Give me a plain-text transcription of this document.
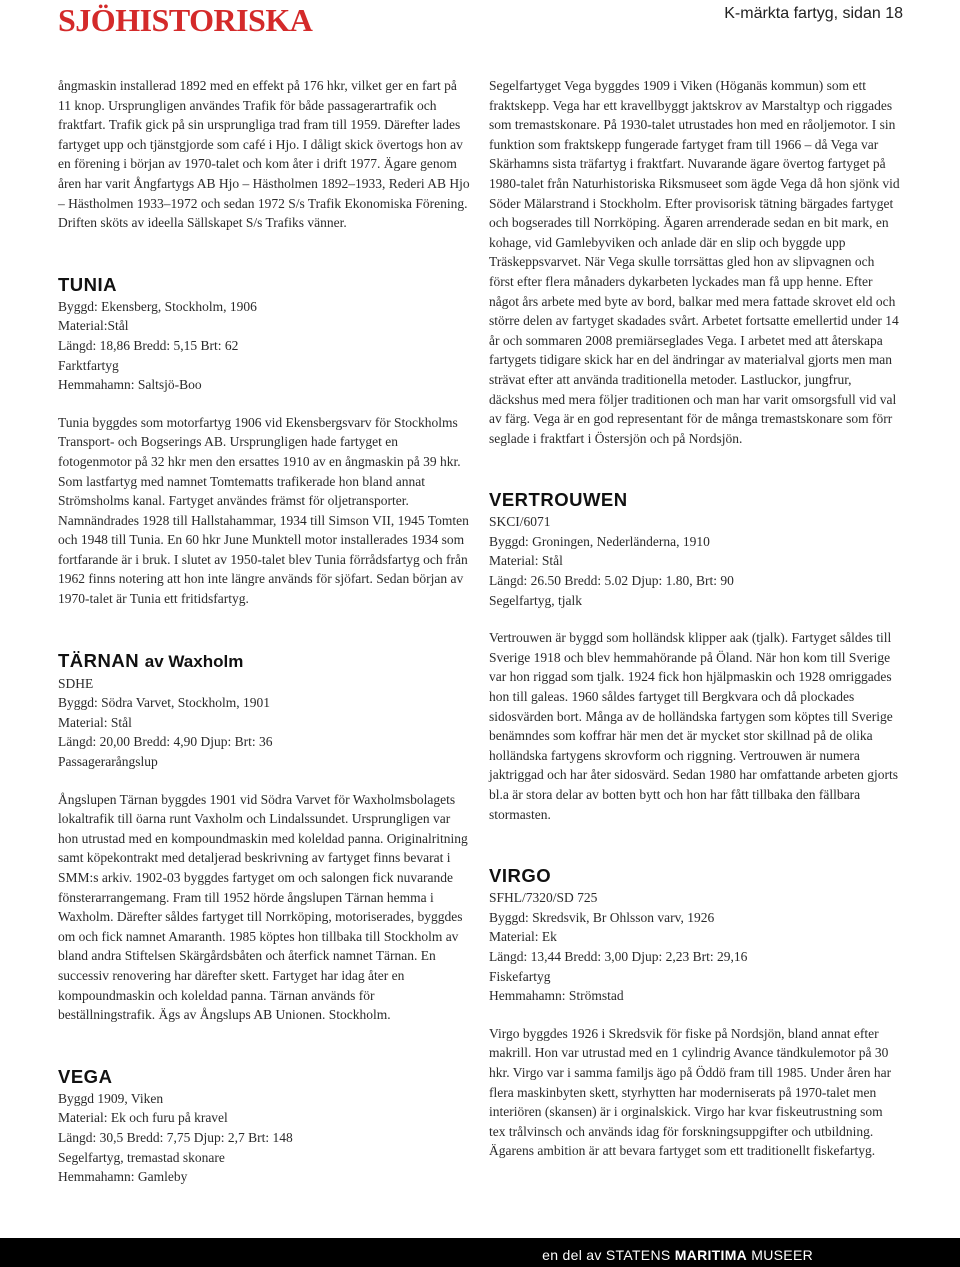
SJÖHISTORISKA	K-märkta fartyg, sidan 18

ångmaskin installerad 1892 med en effekt på 176 hkr, vilket ger en fart på 11 knop. Ursprungligen användes Trafik för både passagerartrafik och fraktfart. Trafik gick på sin ursprungliga trad fram till 1959. Därefter lades fartyget upp och tjänstgjorde som café i Hjo. I dåligt skick övertogs hon av en förening i början av 1970-talet och kom åter i drift 1977. Ägare genom åren har varit Ångfartygs AB Hjo – Hästholmen 1892–1933, Rederi AB Hjo – Hästholmen 1933–1972 och sedan 1972 S/s Trafik Ekonomiska Förening. Driften sköts av ideella Sällskapet S/s Trafiks vänner.

TUNIA
Byggd: Ekensberg, Stockholm, 1906
Material:Stål
Längd: 18,86 Bredd: 5,15 Brt: 62
Farktfartyg
Hemmahamn: Saltsjö-Boo

Tunia byggdes som motorfartyg 1906 vid Ekensbergsvarv för Stockholms Transport- och Bogserings AB. Ursprungligen hade fartyget en fotogenmotor på 32 hkr men den ersattes 1910 av en ångmaskin på 39 hkr. Som lastfartyg med namnet Tomtematts trafikerade hon bland annat Strömsholms kanal. Fartyget användes främst för oljetransporter. Namnändrades 1928 till Hallstahammar, 1934 till Simson VII, 1945 Tomten och 1948 till Tunia. En 60 hkr June Munktell motor installerades 1934 som fortfarande är i bruk. I slutet av 1950-talet blev Tunia förrådsfartyg och från 1962 finns notering att hon inte längre används för sjöfart. Sedan början av 1970-talet är Tunia ett fritidsfartyg.

TÄRNAN av Waxholm
SDHE
Byggd: Södra Varvet, Stockholm, 1901
Material: Stål
Längd: 20,00 Bredd: 4,90 Djup: Brt: 36
Passagerarångslup

Ångslupen Tärnan byggdes 1901 vid Södra Varvet för Waxholmsbolagets lokaltrafik till öarna runt Vaxholm och Lindalssundet. Ursprungligen var hon utrustad med en kompoundmaskin med koleldad panna. Originalritning samt köpekontrakt med detaljerad beskrivning av fartyget finns bevarat i SMM:s arkiv. 1902-03 byggdes fartyget om och salongen fick nuvarande fönsterarrangemang. Fram till 1952 hörde ångslupen Tärnan hemma i Waxholm. Därefter såldes fartyget till Norrköping, motoriserades, byggdes om och fick namnet Amaranth. 1985 köptes hon tillbaka till Stockholm av bland andra Stiftelsen Skärgårdsbåten och återfick namnet Tärnan. En successiv renovering har därefter skett. Fartyget har idag åter en kompoundmaskin och koleldad panna. Tärnan används för beställningstrafik. Ägs av Ångslups AB Unionen. Stockholm.

VEGA
Byggd 1909, Viken
Material: Ek och furu på kravel
Längd: 30,5 Bredd: 7,75 Djup: 2,7 Brt: 148
Segelfartyg, tremastad skonare
Hemmahamn: Gamleby

Segelfartyget Vega byggdes 1909 i Viken (Höganäs kommun) som ett fraktskepp. Vega har ett kravellbyggt jaktskrov av Marstaltyp och riggades som tremastskonare. På 1930-talet utrustades hon med en råoljemotor. I sin funktion som fraktskepp fungerade fartyget fram till 1966 – då Vega var Skärhamns sista träfartyg i fraktfart. Nuvarande ägare övertog fartyget på 1980-talet från Naturhistoriska Riksmuseet som ägde Vega då hon sjönk vid Söder Mälarstrand i Stockholm. Efter provisorisk tätning bärgades fartyget och bogserades till Norrköping. Ägaren arrenderade sedan en bit mark, en kohage, vid Gamlebyviken och anlade där en slip och byggde upp Träskeppsvarvet. När Vega skulle torrsättas gled hon av slipvagnen och först efter flera månaders dykarbeten lyckades man få upp henne. Efter något års arbete med byte av bord, balkar med mera fattade skrovet eld och större delen av fartyget skadades svårt. Arbetet fortsatte emellertid under 14 år och sommaren 2008 premiärseglades Vega. I arbetet med att återskapa fartygets tidigare skick har en del ändringar av materialval gjorts men man strävat efter att använda traditionella metoder. Lastluckor, jungfrur, däckshus med mera följer traditionen och man har varit omsorgsfull vid val av färg. Vega är en god representant för de många tremastskonare som förr seglade i fraktfart i Östersjön och på Nordsjön.

VERTROUWEN
SKCI/6071
Byggd: Groningen, Nederländerna, 1910
Material: Stål
Längd: 26.50 Bredd: 5.02 Djup: 1.80, Brt: 90
Segelfartyg, tjalk

Vertrouwen är byggd som holländsk klipper aak (tjalk). Fartyget såldes till Sverige 1918 och blev hemmahörande på Öland. När hon kom till Sverige var hon riggad som tjalk. 1924 fick hon hjälpmaskin och 1928 omriggades hon till galeas. 1960 såldes fartyget till Bergkvara och då plockades sidosvärden bort. Många av de holländska fartygen som köptes till Sverige benämndes som koffrar här men det är mycket stor skillnad på de olika holländska fartygens skrovform och riggning. Vertrouwen är numera jaktriggad och har åter sidosvärd. Sedan 1980 har omfattande arbeten gjorts bl.a är stora delar av botten bytt och hon har fått tillbaka den fällbara stormasten.

VIRGO
SFHL/7320/SD 725
Byggd: Skredsvik, Br Ohlsson varv, 1926
Material: Ek
Längd: 13,44 Bredd: 3,00 Djup: 2,23 Brt: 29,16
Fiskefartyg
Hemmahamn: Strömstad

Virgo byggdes 1926 i Skredsvik för fiske på Nordsjön, bland annat efter makrill. Hon var utrustad med en 1 cylindrig Avance tändkulemotor på 30 hkr. Virgo var i samma familjs ägo på Öddö fram till 1985. Under åren har flera maskinbyten skett, styrhytten har moderniserats på 1970-talet men interiören (skansen) är i orginalskick. Virgo har kvar fiskeutrustning som tex trålvinsch och används idag för forskningsuppgifter och utbildning. Ägarens ambition är att bevara fartyget som ett traditionellt fiskefartyg.

en del av STATENS MARITIMA MUSEER
